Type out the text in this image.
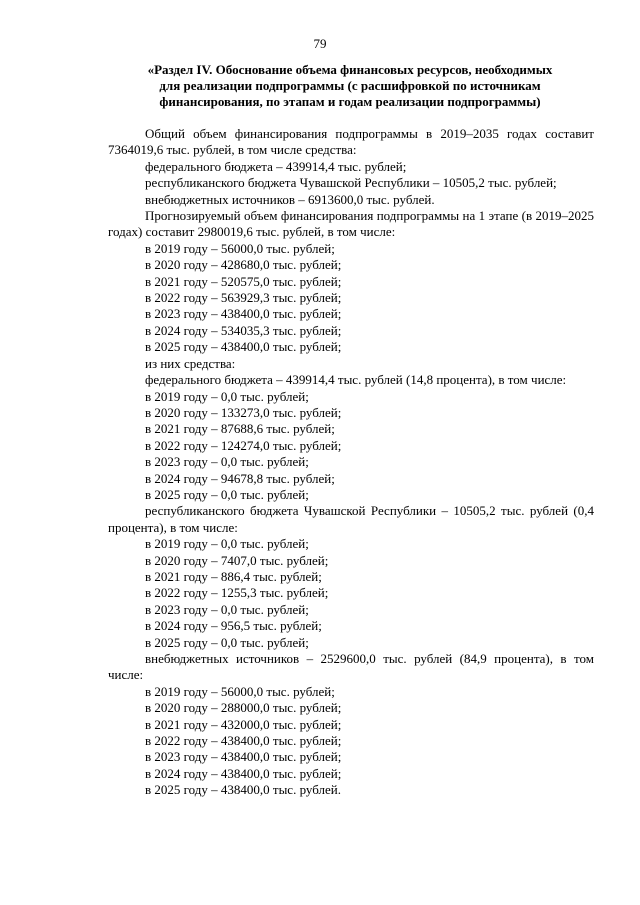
79
«Раздел IV. Обоснование объема финансовых ресурсов, необходимых
для реализации подпрограммы (с расшифровкой по источникам
финансирования, по этапам и годам реализации подпрограммы)

Общий объем финансирования подпрограммы в 2019–2035 годах составит 7364019,6 тыс. рублей, в том числе средства:

федерального бюджета – 439914,4 тыс. рублей;
республиканского бюджета Чувашской Республики – 10505,2 тыс. рублей;
внебюджетных источников – 6913600,0 тыс. рублей.

Прогнозируемый объем финансирования подпрограммы на 1 этапе (в 2019–2025 годах) составит 2980019,6 тыс. рублей, в том числе:

в 2019 году – 56000,0 тыс. рублей;
в 2020 году – 428680,0 тыс. рублей;
в 2021 году – 520575,0 тыс. рублей;
в 2022 году – 563929,3 тыс. рублей;
в 2023 году – 438400,0 тыс. рублей;
в 2024 году – 534035,3 тыс. рублей;
в 2025 году – 438400,0 тыс. рублей;
из них средства:

федерального бюджета – 439914,4 тыс. рублей (14,8 процента), в том числе:

в 2019 году – 0,0 тыс. рублей;
в 2020 году – 133273,0 тыс. рублей;
в 2021 году – 87688,6 тыс. рублей;
в 2022 году – 124274,0 тыс. рублей;
в 2023 году – 0,0 тыс. рублей;
в 2024 году – 94678,8 тыс. рублей;
в 2025 году – 0,0 тыс. рублей;

республиканского бюджета Чувашской Республики – 10505,2 тыс. рублей (0,4 процента), в том числе:

в 2019 году – 0,0 тыс. рублей;
в 2020 году – 7407,0 тыс. рублей;
в 2021 году – 886,4 тыс. рублей;
в 2022 году – 1255,3 тыс. рублей;
в 2023 году – 0,0 тыс. рублей;
в 2024 году – 956,5 тыс. рублей;
в 2025 году – 0,0 тыс. рублей;

внебюджетных источников – 2529600,0 тыс. рублей (84,9 процента), в том числе:

в 2019 году – 56000,0 тыс. рублей;
в 2020 году – 288000,0 тыс. рублей;
в 2021 году – 432000,0 тыс. рублей;
в 2022 году – 438400,0 тыс. рублей;
в 2023 году – 438400,0 тыс. рублей;
в 2024 году – 438400,0 тыс. рублей;
в 2025 году – 438400,0 тыс. рублей.
